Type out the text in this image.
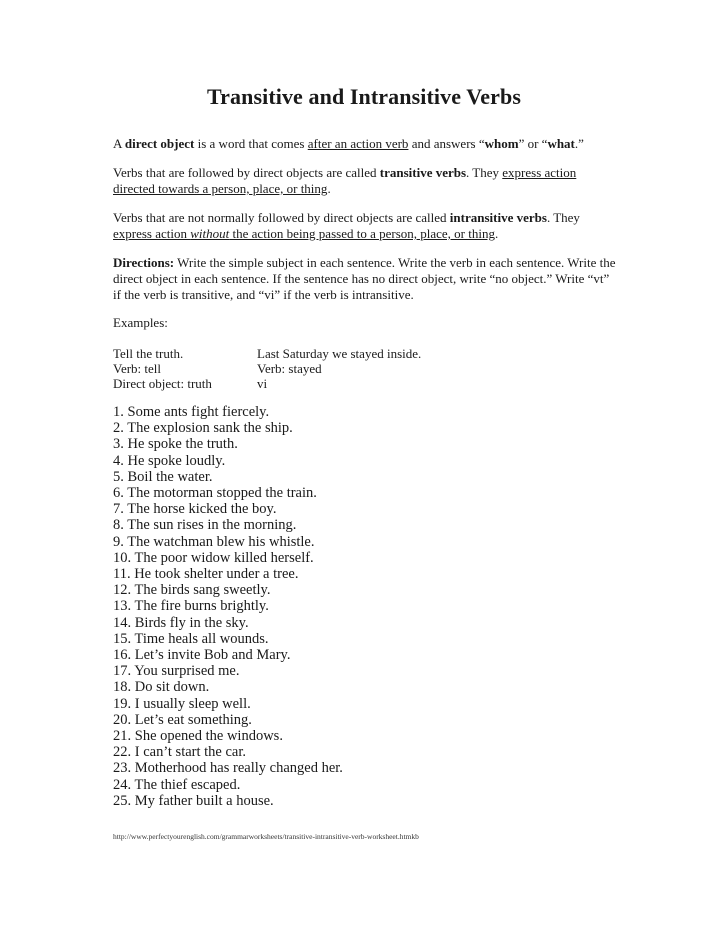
Transitive and Intransitive Verbs
A direct object is a word that comes after an action verb and answers “whom” or “what.”
Verbs that are followed by direct objects are called transitive verbs. They express action directed towards a person, place, or thing.
Verbs that are not normally followed by direct objects are called intransitive verbs. They express action without the action being passed to a person, place, or thing.
Directions: Write the simple subject in each sentence. Write the verb in each sentence. Write the direct object in each sentence. If the sentence has no direct object, write “no object.” Write “vt” if the verb is transitive, and “vi” if the verb is intransitive.
Examples:
Tell the truth.
Verb: tell
Direct object: truth
Last Saturday we stayed inside.
Verb: stayed
vi
1. Some ants fight fiercely.
2. The explosion sank the ship.
3. He spoke the truth.
4. He spoke loudly.
5. Boil the water.
6. The motorman stopped the train.
7. The horse kicked the boy.
8. The sun rises in the morning.
9. The watchman blew his whistle.
10. The poor widow killed herself.
11. He took shelter under a tree.
12. The birds sang sweetly.
13. The fire burns brightly.
14. Birds fly in the sky.
15. Time heals all wounds.
16. Let’s invite Bob and Mary.
17. You surprised me.
18. Do sit down.
19. I usually sleep well.
20. Let’s eat something.
21. She opened the windows.
22. I can’t start the car.
23. Motherhood has really changed her.
24. The thief escaped.
25. My father built a house.
http://www.perfectyourenglish.com/grammarworksheets/transitive-intransitive-verb-worksheet.htmkb
